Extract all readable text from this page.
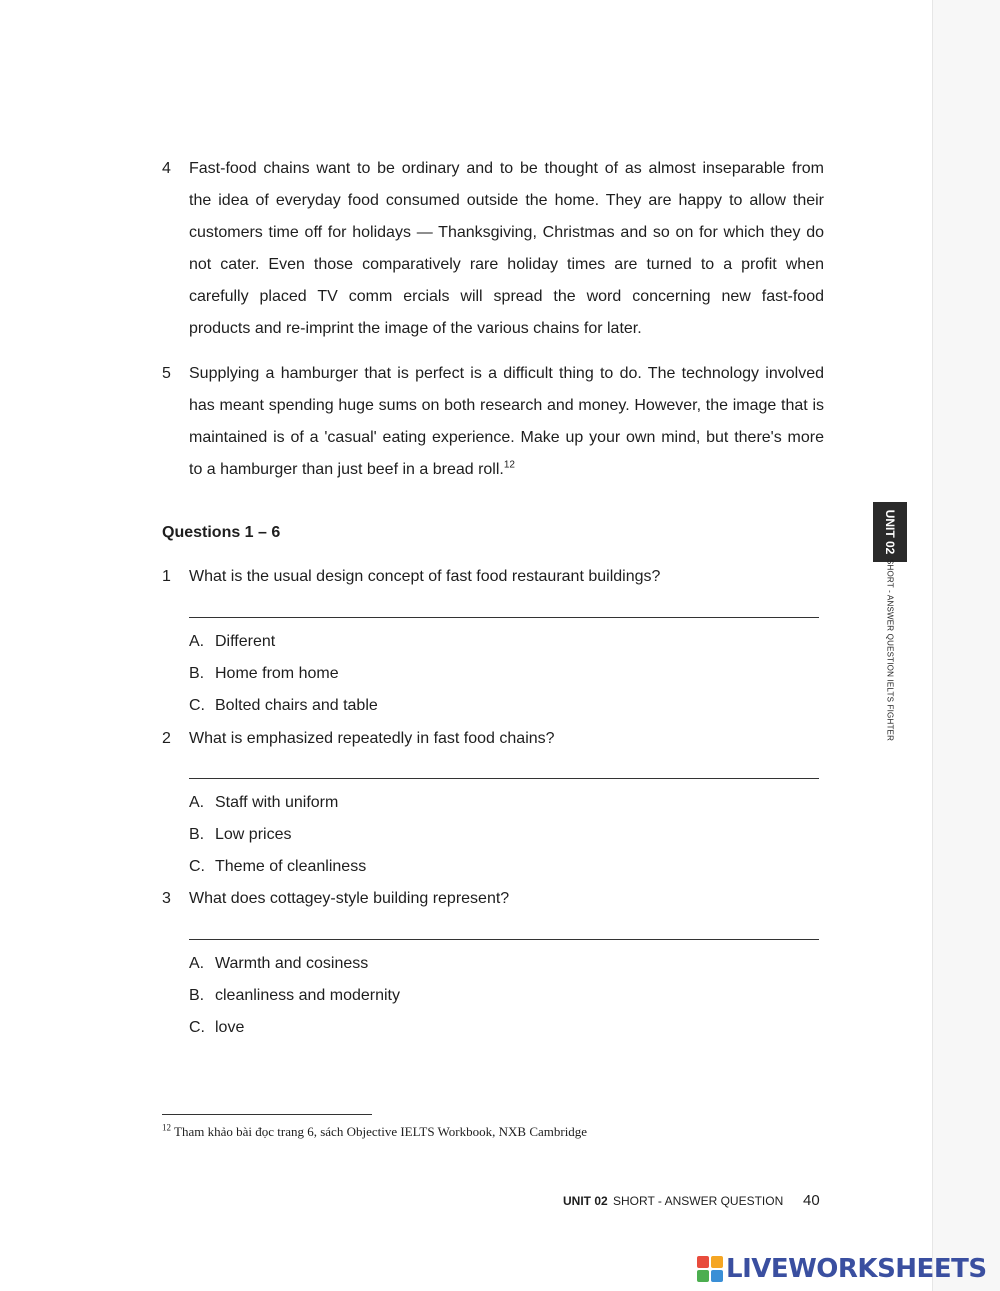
4 Fast-food chains want to be ordinary and to be thought of as almost inseparable from
the idea of everyday food consumed outside the home. They are happy to allow their
customers time off for holidays — Thanksgiving, Christmas and so on for which they do
not cater. Even those comparatively rare holiday times are turned to a profit when
carefully placed TV comm ercials will spread the word concerning new fast-food
products and re-imprint the image of the various chains for later.
5 Supplying a hamburger that is perfect is a difficult thing to do. The technology involved
has meant spending huge sums on both research and money. However, the image that is
maintained is of a 'casual' eating experience. Make up your own mind, but there's more
to a hamburger than just beef in a bread roll.$^{12}$
Questions 1 – 6
1 What is the usual design concept of fast food restaurant buildings?
A. Different
B. Home from home
C. Bolted chairs and table
2 What is emphasized repeatedly in fast food chains?
A. Staff with uniform
B. Low prices
C. Theme of cleanliness
3 What does cottagey-style building represent?
A. Warmth and cosiness
B. cleanliness and modernity
C. love
$^{12}$ Tham khảo bài đọc trang 6, sách Objective IELTS Workbook, NXB Cambridge
UNIT 02 SHORT - ANSWER QUESTION 40
UNIT 02
SHORT - ANSWER QUESTION IELTS FIGHTER
LIVEWORKSHEETS
